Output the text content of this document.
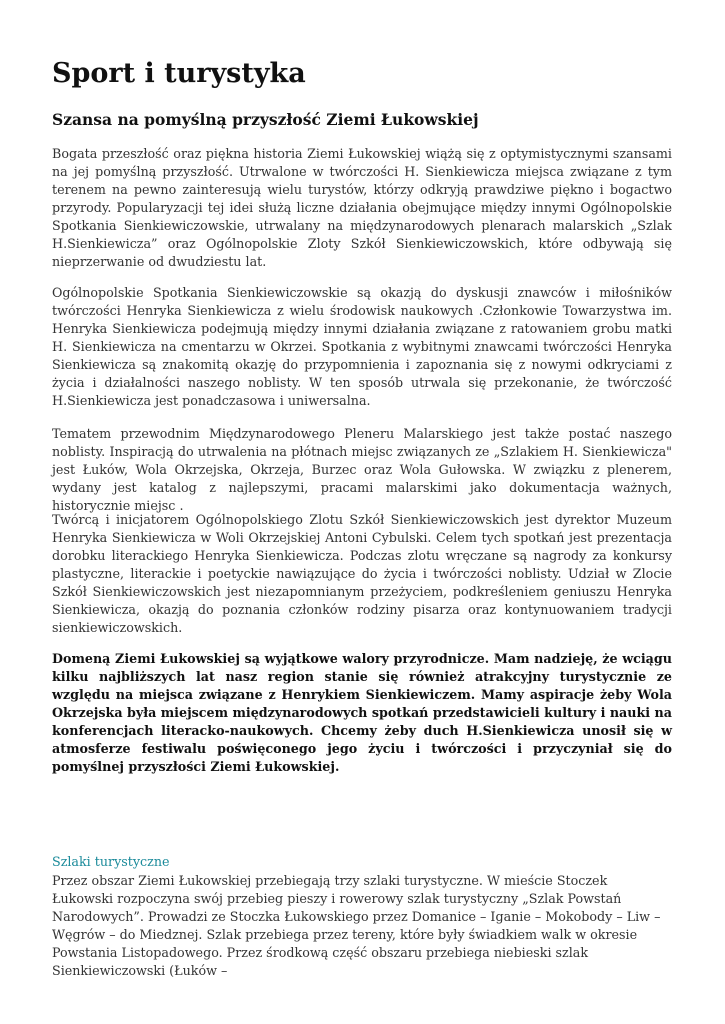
Sport i turystyka
Szansa na pomyślną przyszłość Ziemi Łukowskiej

Bogata przeszłość oraz piękna historia Ziemi Łukowskiej wiążą się z optymistycznymi szansami na jej pomyślną przyszłość. Utrwalone w twórczości H. Sienkiewicza miejsca związane z tym terenem na pewno zainteresują wielu turystów, którzy odkryją prawdziwe piękno i bogactwo przyrody. Popularyzacji tej idei służą liczne działania obejmujące między innymi Ogólnopolskie Spotkania Sienkiewiczowskie, utrwalany na międzynarodowych plenarach malarskich „Szlak H.Sienkiewicza” oraz Ogólnopolskie Zloty Szkół Sienkiewiczowskich, które odbywają się nieprzerwanie od dwudziestu lat.

Ogólnopolskie Spotkania Sienkiewiczowskie są okazją do dyskusji znawców i miłośników twórczości Henryka Sienkiewicza z wielu środowisk naukowych .Członkowie Towarzystwa im. Henryka Sienkiewicza podejmują między innymi działania związane z ratowaniem grobu matki H. Sienkiewicza na cmentarzu w Okrzei. Spotkania z wybitnymi znawcami twórczości Henryka Sienkiewicza są znakomitą okazję do przypomnienia i zapoznania się z nowymi odkryciami z życia i działalności naszego noblisty. W ten sposób utrwala się przekonanie, że twórczość H.Sienkiewicza jest ponadczasowa i uniwersalna.

Tematem przewodnim Międzynarodowego Pleneru Malarskiego jest także postać naszego noblisty. Inspiracją do utrwalenia na płótnach miejsc związanych ze „Szlakiem H. Sienkiewicza" jest Łuków, Wola Okrzejska, Okrzeja, Burzec oraz Wola Gułowska. W związku z plenerem, wydany jest katalog z najlepszymi, pracami malarskimi jako dokumentacja ważnych, historycznie miejsc .

Twórcą i inicjatorem Ogólnopolskiego Zlotu Szkół Sienkiewiczowskich jest dyrektor Muzeum Henryka Sienkiewicza w Woli Okrzejskiej Antoni Cybulski. Celem tych spotkań jest prezentacja dorobku literackiego Henryka Sienkiewicza. Podczas zlotu wręczane są nagrody za konkursy plastyczne, literackie i poetyckie nawiązujące do życia i twórczości noblisty. Udział w Zlocie Szkół Sienkiewiczowskich jest niezapomnianym przeżyciem, podkreśleniem geniuszu Henryka Sienkiewicza, okazją do poznania członków rodziny pisarza oraz kontynuowaniem tradycji sienkiewiczowskich.

Domeną Ziemi Łukowskiej są wyjątkowe walory przyrodnicze. Mam nadzieję, że wciągu kilku najbliższych lat nasz region stanie się również atrakcyjny turystycznie ze względu na miejsca związane z Henrykiem Sienkiewiczem. Mamy aspiracje żeby Wola Okrzejska była miejscem międzynarodowych spotkań przedstawicieli kultury i nauki na konferencjach literacko-naukowych. Chcemy żeby duch H.Sienkiewicza unosił się w atmosferze festiwalu poświęconego jego życiu i twórczości i przyczyniał się do pomyślnej przyszłości Ziemi Łukowskiej.

Szlaki turystyczne

Przez obszar Ziemi Łukowskiej przebiegają trzy szlaki turystyczne. W mieście Stoczek Łukowski rozpoczyna swój przebieg pieszy i rowerowy szlak turystyczny „Szlak Powstań Narodowych”. Prowadzi ze Stoczka Łukowskiego przez Domanice – Iganie – Mokobody – Liw – Węgrów – do Miedznej. Szlak przebiega przez tereny, które były świadkiem walk w okresie Powstania Listopadowego. Przez środkową część obszaru przebiega niebieski szlak Sienkiewiczowski (Łuków –
